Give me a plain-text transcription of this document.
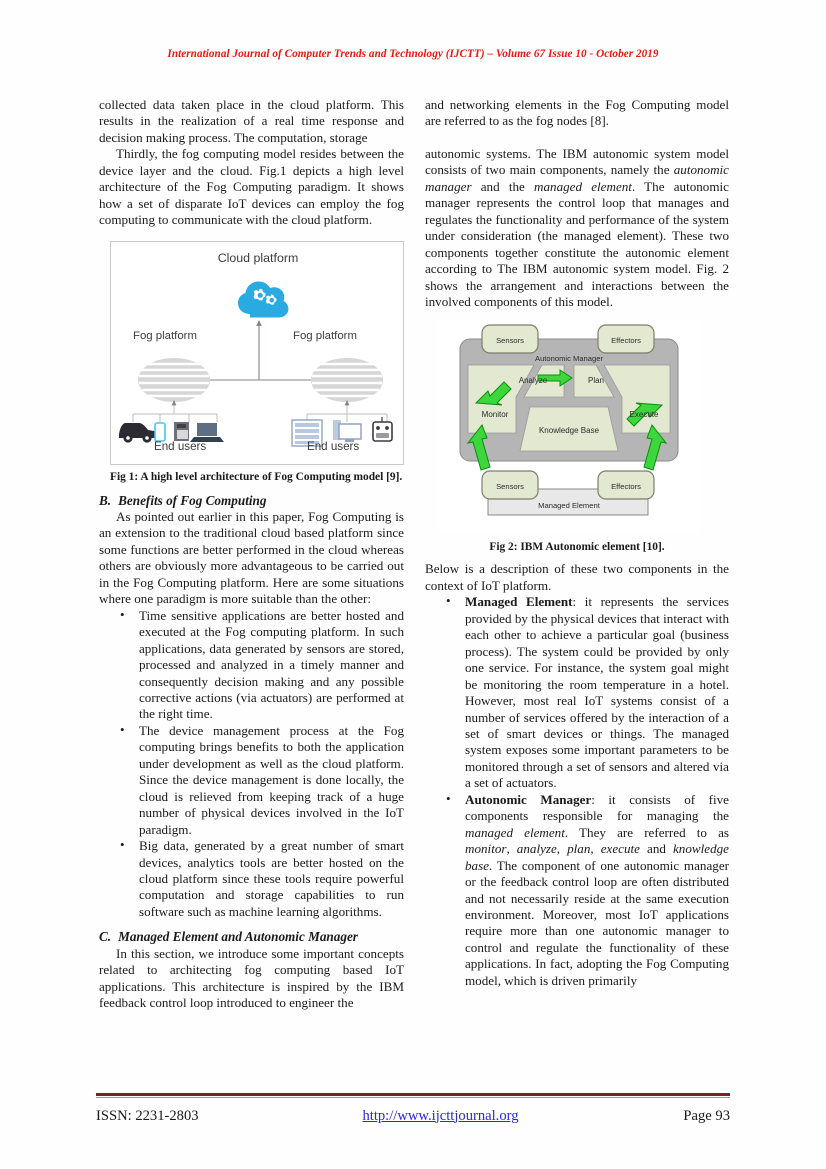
International Journal of Computer Trends and Technology (IJCTT) – Volume 67 Issue 10 - October 2019

collected data taken place in the cloud platform. This results in the realization of a real time response and decision making process. The computation, storage

Thirdly, the fog computing model resides between the device layer and the cloud. Fig.1 depicts a high level architecture of the Fog Computing paradigm. It shows how a set of disparate IoT devices can employ the fog computing to communicate with the cloud platform.

Cloud platform
Fog platform	Fog platform
End users	End users
Fig 1: A high level architecture of Fog Computing model [9].
B. Benefits of Fog Computing

As pointed out earlier in this paper, Fog Computing is an extension to the traditional cloud based platform since some functions are better performed in the cloud whereas others are obviously more advantageous to be carried out in the Fog Computing platform. Here are some situations where one paradigm is more suitable than the other:

• Time sensitive applications are better hosted and executed at the Fog computing platform. In such applications, data generated by sensors are stored, processed and analyzed in a timely manner and consequently decision making and any possible corrective actions (via actuators) are performed at the right time.
• The device management process at the Fog computing brings benefits to both the application under development as well as the cloud platform. Since the device management is done locally, the cloud is relieved from keeping track of a huge number of physical devices involved in the IoT paradigm.
• Big data, generated by a great number of smart devices, analytics tools are better hosted on the cloud platform since these tools require powerful computation and storage capabilities to run software such as machine learning algorithms.
C. Managed Element and Autonomic Manager

In this section, we introduce some important concepts related to architecting fog computing based IoT applications. This architecture is inspired by the IBM feedback control loop introduced to engineer the

and networking elements in the Fog Computing model are referred to as the fog nodes [8].

autonomic systems. The IBM autonomic system model consists of two main components, namely the autonomic manager and the managed element. The autonomic manager represents the control loop that manages and regulates the functionality and performance of the system under consideration (the managed element). These two components together constitute the autonomic element according to The IBM autonomic system model. Fig. 2 shows the arrangement and interactions between the involved components of this model.

Sensors	Effectors
Autonomic Manager
Analyze	Plan
Monitor	Execute
Knowledge Base
Sensors	Effectors
Managed Element
Fig 2: IBM Autonomic element [10].

Below is a description of these two components in the context of IoT platform.

• Managed Element: it represents the services provided by the physical devices that interact with each other to achieve a particular goal (business process). The system could be provided by only one service. For instance, the system goal might be monitoring the room temperature in a hotel. However, most real IoT systems consist of a number of services offered by the interaction of a set of smart devices or things. The managed system exposes some important parameters to be monitored through a set of sensors and altered via a set of actuators.
• Autonomic Manager: it consists of five components responsible for managing the managed element. They are referred to as monitor, analyze, plan, execute and knowledge base. The component of one autonomic manager or the feedback control loop are often distributed and not necessarily reside at the same execution environment. Moreover, most IoT applications require more than one autonomic manager to control and regulate the functionality of these applications. In fact, adopting the Fog Computing model, which is driven primarily
ISSN: 2231-2803	http://www.ijcttjournal.org	Page 93
